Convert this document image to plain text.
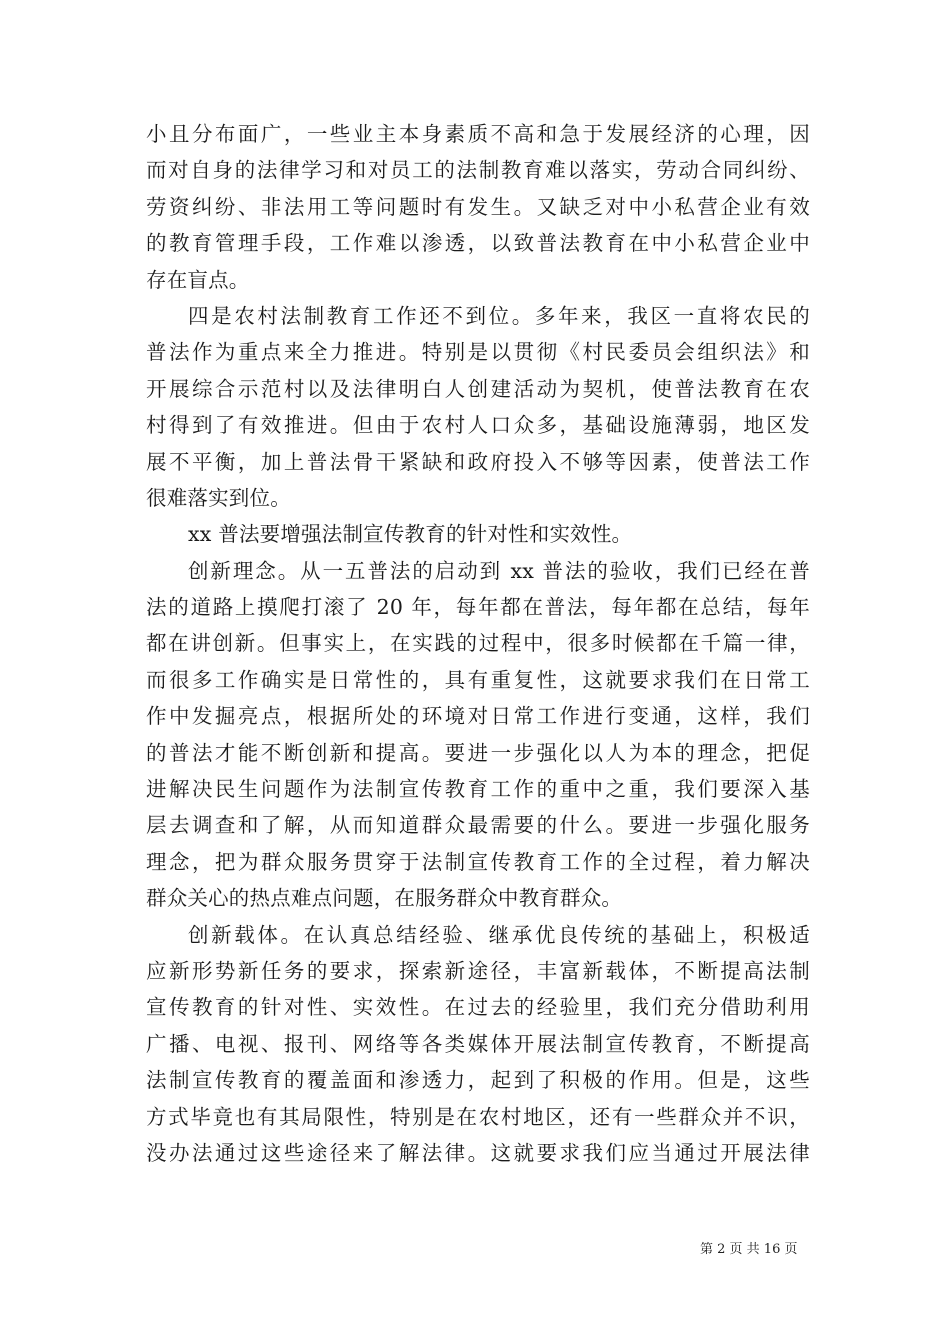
小且分布面广，一些业主本身素质不高和急于发展经济的心理，因
而对自身的法律学习和对员工的法制教育难以落实，劳动合同纠纷、
劳资纠纷、非法用工等问题时有发生。又缺乏对中小私营企业有效
的教育管理手段，工作难以渗透，以致普法教育在中小私营企业中
存在盲点。
四是农村法制教育工作还不到位。多年来，我区一直将农民的
普法作为重点来全力推进。特别是以贯彻《村民委员会组织法》和
开展综合示范村以及法律明白人创建活动为契机，使普法教育在农
村得到了有效推进。但由于农村人口众多，基础设施薄弱，地区发
展不平衡，加上普法骨干紧缺和政府投入不够等因素，使普法工作
很难落实到位。
xx 普法要增强法制宣传教育的针对性和实效性。
创新理念。从一五普法的启动到 xx 普法的验收，我们已经在普
法的道路上摸爬打滚了 20 年，每年都在普法，每年都在总结，每年
都在讲创新。但事实上，在实践的过程中，很多时候都在千篇一律，
而很多工作确实是日常性的，具有重复性，这就要求我们在日常工
作中发掘亮点，根据所处的环境对日常工作进行变通，这样，我们
的普法才能不断创新和提高。要进一步强化以人为本的理念，把促
进解决民生问题作为法制宣传教育工作的重中之重，我们要深入基
层去调查和了解，从而知道群众最需要的什么。要进一步强化服务
理念，把为群众服务贯穿于法制宣传教育工作的全过程，着力解决
群众关心的热点难点问题，在服务群众中教育群众。
创新载体。在认真总结经验、继承优良传统的基础上，积极适
应新形势新任务的要求，探索新途径，丰富新载体，不断提高法制
宣传教育的针对性、实效性。在过去的经验里，我们充分借助利用
广播、电视、报刊、网络等各类媒体开展法制宣传教育，不断提高
法制宣传教育的覆盖面和渗透力，起到了积极的作用。但是，这些
方式毕竟也有其局限性，特别是在农村地区，还有一些群众并不识，
没办法通过这些途径来了解法律。这就要求我们应当通过开展法律
第 2 页 共 16 页
